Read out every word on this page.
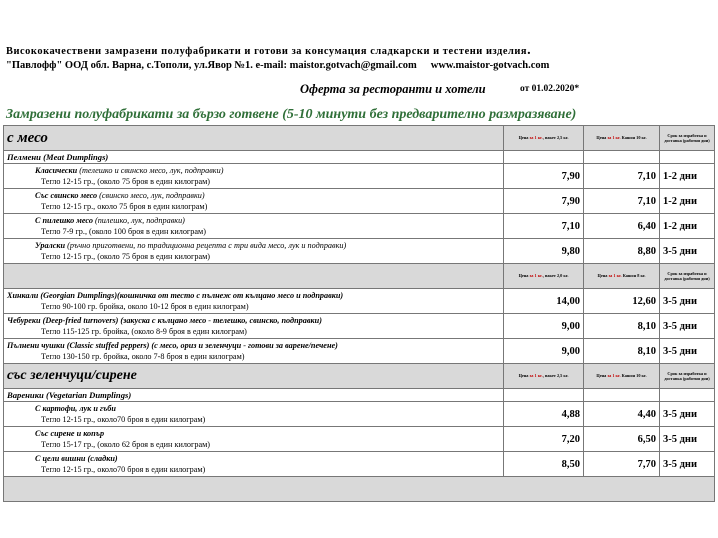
Висококачествени замразени полуфабрикати и готови за консумация сладкарски и тестени изделия.
"Павлофф" ООД обл. Варна, с.Тополи, ул.Явор №1. e-mail: maistor.gotvach@gmail.com www.maistor-gotvach.com
Оферта за ресторанти и хотели	от 01.02.2020*
Замразени полуфабрикати за бързо готвене (5-10 минути без предварително размразяване)
с месо	Цена за 1 кг., пакет 2,5 кг.	Цена за 1 кг. Кашон 10 кг.	Срок за изработка и доставка (работни дни)
Пелмени (Meat Dumplings)			
Класически (телешко и свинско месо, лук, подправки)
Тегло 12-15 гр., (около 75 броя в един килограм)	7,90	7,10	1-2 дни
Със свинско месо (свинско месо, лук, подправки)
Тегло 12-15 гр., около 75 броя в един килограм)	7,90	7,10	1-2 дни
С пилешко месо (пилешко, лук, подправки)
Тегло 7-9 гр., (около 100 броя в един килограм)	7,10	6,40	1-2 дни
Уралски (ръчно приготвени, по традиционна рецепта с три вида месо, лук и подправки)
Тегло 12-15 гр., (около 75 броя в един килограм)	9,80	8,80	3-5 дни
	Цена за 1 кг., пакет 2,0 кг.	Цена за 1 кг. Кашон 8 кг.	Срок за изработка и доставка (работни дни)
Хинкали (Georgian Dumplings)(кошничка от тесто с пълнеж от кълцано месо и подправки)
Тегло 90-100 гр. бройка, около 10-12 броя в един килограм)	14,00	12,60	3-5 дни
Чебуреки (Deep-fried turnovers) (закуска с кълцано месо - телешко, свинско, подправки)
Тегло 115-125 гр. бройка, (около 8-9 броя в един килограм)	9,00	8,10	3-5 дни
Пълнени чушки (Classic stuffed peppers) (с месо, ориз и зеленчуци - готови за варене/печене)
Тегло 130-150 гр. бройка, около 7-8 броя в един килограм)	9,00	8,10	3-5 дни
със зеленчуци/сирене	Цена за 1 кг., пакет 2,5 кг.	Цена за 1 кг. Кашон 10 кг.	Срок за изработка и доставка (работни дни)
Вареники (Vegetarian Dumplings)			
С картофи, лук и гъби
Тегло 12-15 гр., около70 броя в един килограм)	4,88	4,40	3-5 дни
Със сирене и копър
Тегло 15-17 гр., (около 62 броя в един килограм)	7,20	6,50	3-5 дни
С цели вишни (сладки)
Тегло 12-15 гр., около70 броя в един килограм)	8,50	7,70	3-5 дни
